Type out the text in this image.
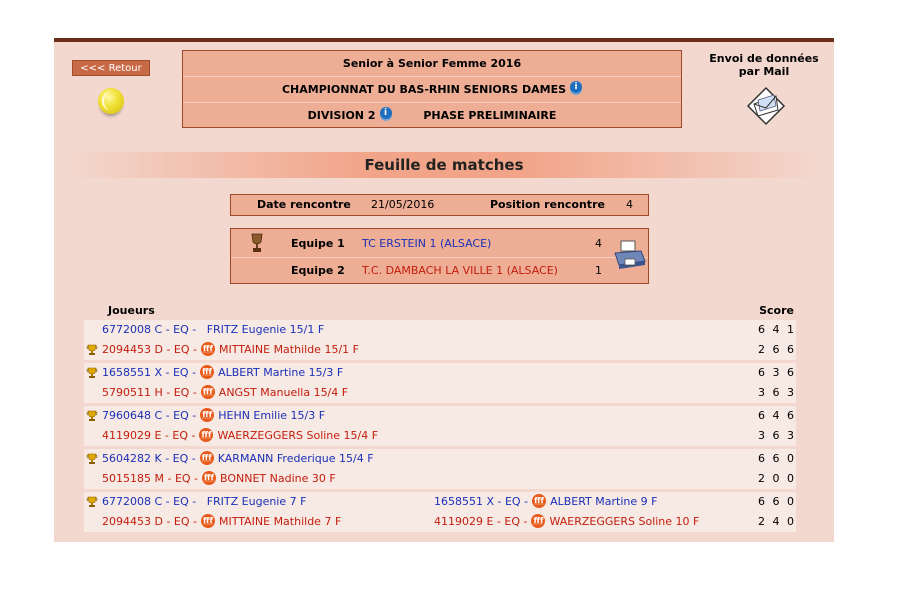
<<< Retour	Senior à Senior Femme 2016
CHAMPIONNAT DU BAS-RHIN SENIORS DAMES i
DIVISION 2 i	PHASE PRELIMINAIRE
Envoi de données
par Mail
Feuille de matches
Date rencontre 21/05/2016	Position rencontre 4
Equipe 1 TC ERSTEIN 1 (ALSACE)	4
Equipe 2 T.C. DAMBACH LA VILLE 1 (ALSACE)	1
Joueurs	Score
6772008 C - EQ -   FRITZ Eugenie 15/1 F	6 4 1
2094453 D - EQ - fff MITTAINE Mathilde 15/1 F	2 6 6
1658551 X - EQ - fff ALBERT Martine 15/3 F	6 3 6
5790511 H - EQ - fff ANGST Manuella 15/4 F	3 6 3
7960648 C - EQ - fff HEHN Emilie 15/3 F	6 4 6
4119029 E - EQ - fff WAERZEGGERS Soline 15/4 F	3 6 3
5604282 K - EQ - fff KARMANN Frederique 15/4 F	6 6 0
5015185 M - EQ - fff BONNET Nadine 30 F	2 0 0
6772008 C - EQ -   FRITZ Eugenie 7 F	1658551 X - EQ - fff ALBERT Martine 9 F	6 6 0
2094453 D - EQ - fff MITTAINE Mathilde 7 F	4119029 E - EQ - fff WAERZEGGERS Soline 10 F	2 4 0
